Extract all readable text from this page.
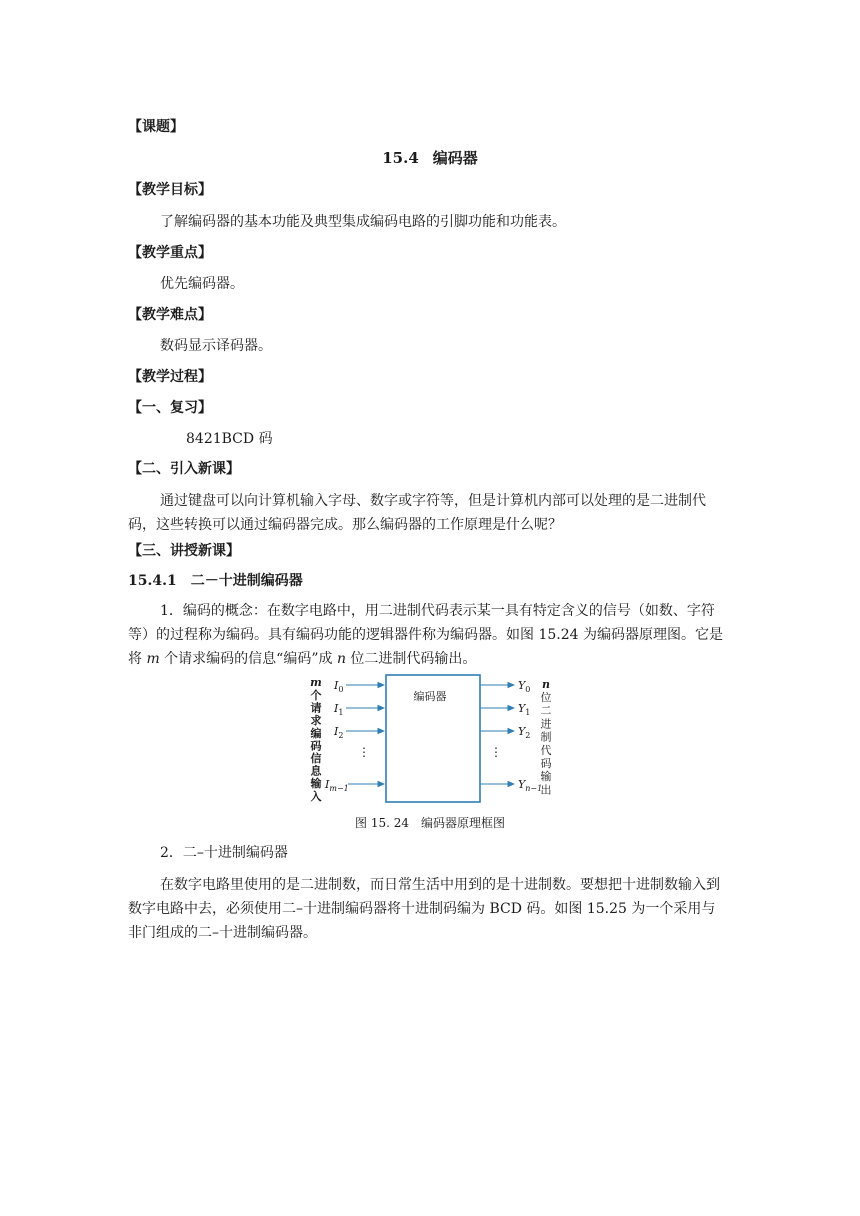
【课题】
15.4 编码器
【教学目标】
了解编码器的基本功能及典型集成编码电路的引脚功能和功能表。
【教学重点】
优先编码器。
【教学难点】
数码显示译码器。
【教学过程】
【一、复习】
8421BCD 码
【二、引入新课】
通过键盘可以向计算机输入字母、数字或字符等，但是计算机内部可以处理的是二进制代码，这些转换可以通过编码器完成。那么编码器的工作原理是什么呢？
【三、讲授新课】
15.4.1 二－十进制编码器
1．编码的概念：在数字电路中，用二进制代码表示某一具有特定含义的信号（如数、字符等）的过程称为编码。具有编码功能的逻辑器件称为编码器。如图 15.24 为编码器原理图。它是将 m 个请求编码的信息“编码”成 n 位二进制代码输出。
m
个
请
求
编
码
信
息
输
入
$I_0$
$I_1$
$I_2$
$I_{m-1}$
⋮
编码器
$Y_0$
$Y_1$
$Y_2$
$Y_{n-1}$
⋮
n
位
二
进
制
代
码
输
出
图 15. 24　编码器原理框图
2．二–十进制编码器
在数字电路里使用的是二进制数，而日常生活中用到的是十进制数。要想把十进制数输入到数字电路中去，必须使用二–十进制编码器将十进制码编为 BCD 码。如图 15.25 为一个采用与非门组成的二–十进制编码器。
